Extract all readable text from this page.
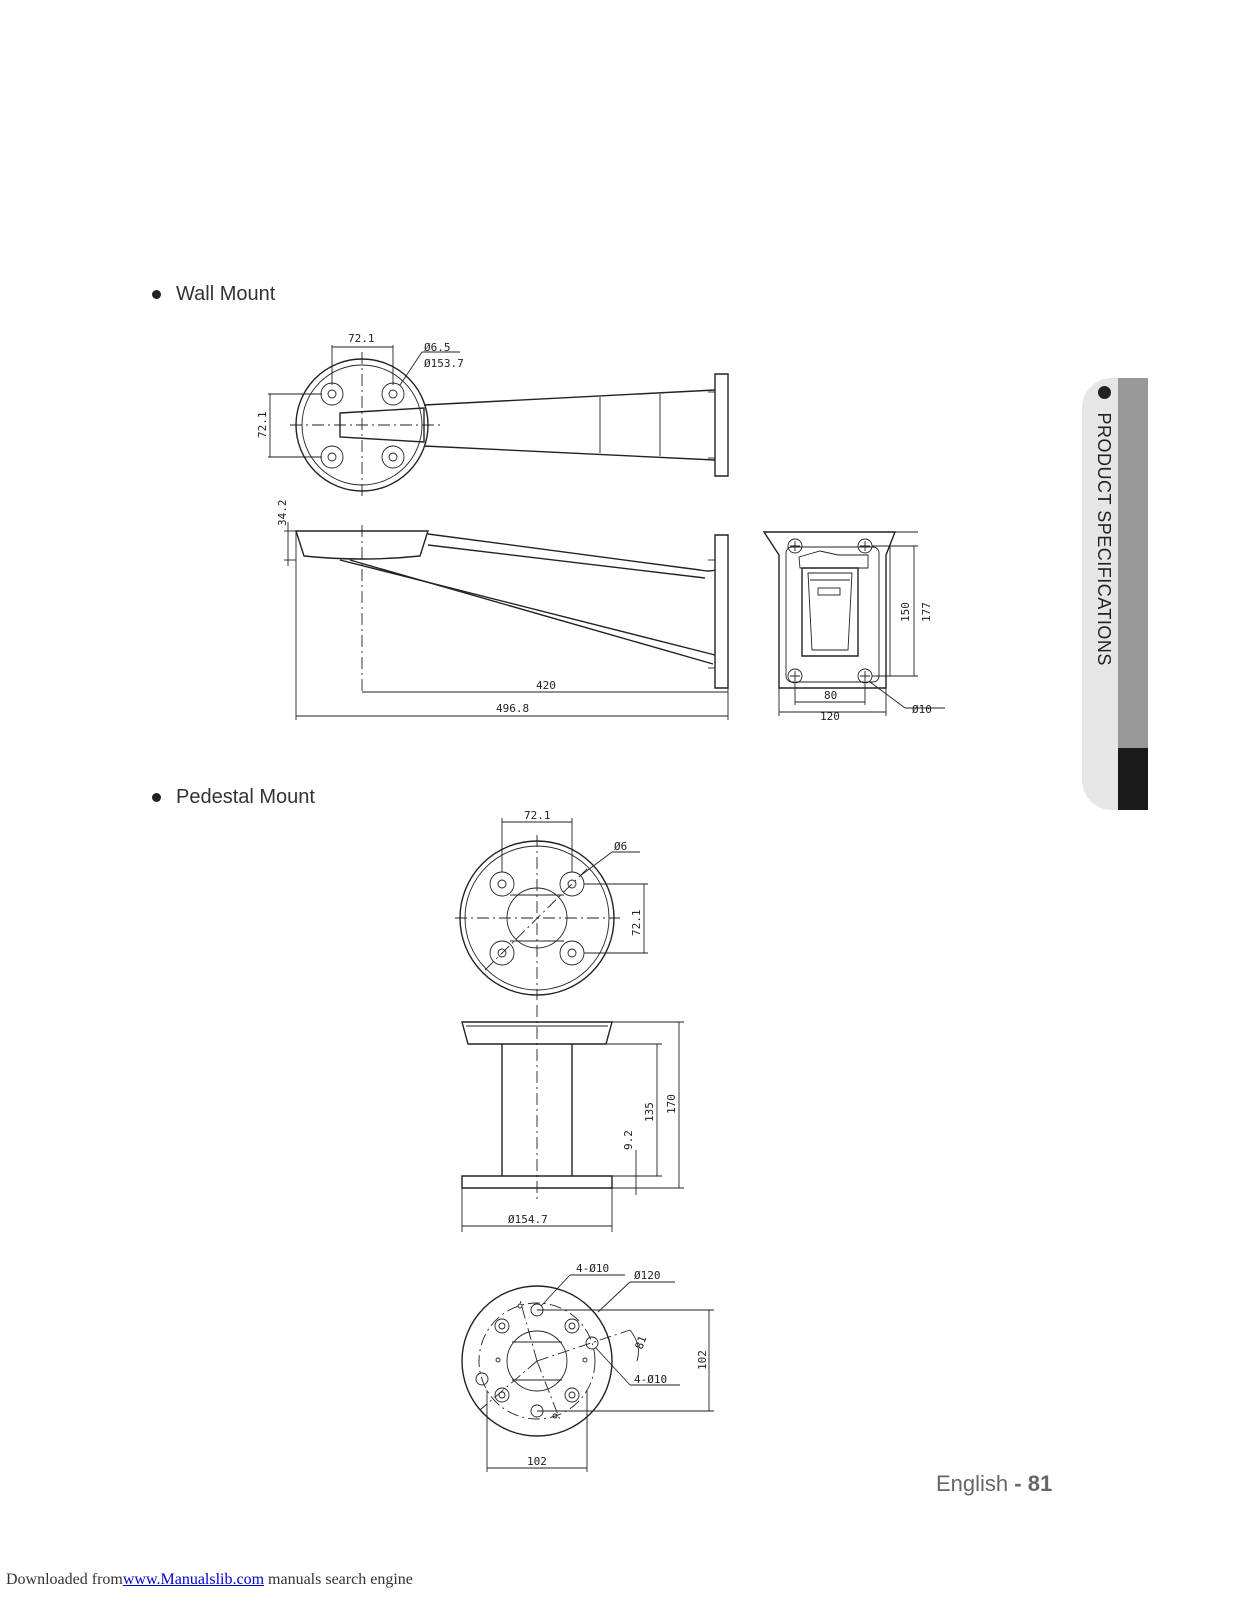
Wall Mount
Pedestal Mount
72.1
Ø6.5
Ø153.7
72.1
34.2
420
496.8
150 177
80
120
Ø10
72.1
Ø6
72.1
135 170
9.2
Ø154.7
81
4-Ø10
Ø120
4-Ø10
102
102
PRODUCT SPECIFICATIONS
English - 81
Downloaded fromwww.Manualslib.com manuals search engine
